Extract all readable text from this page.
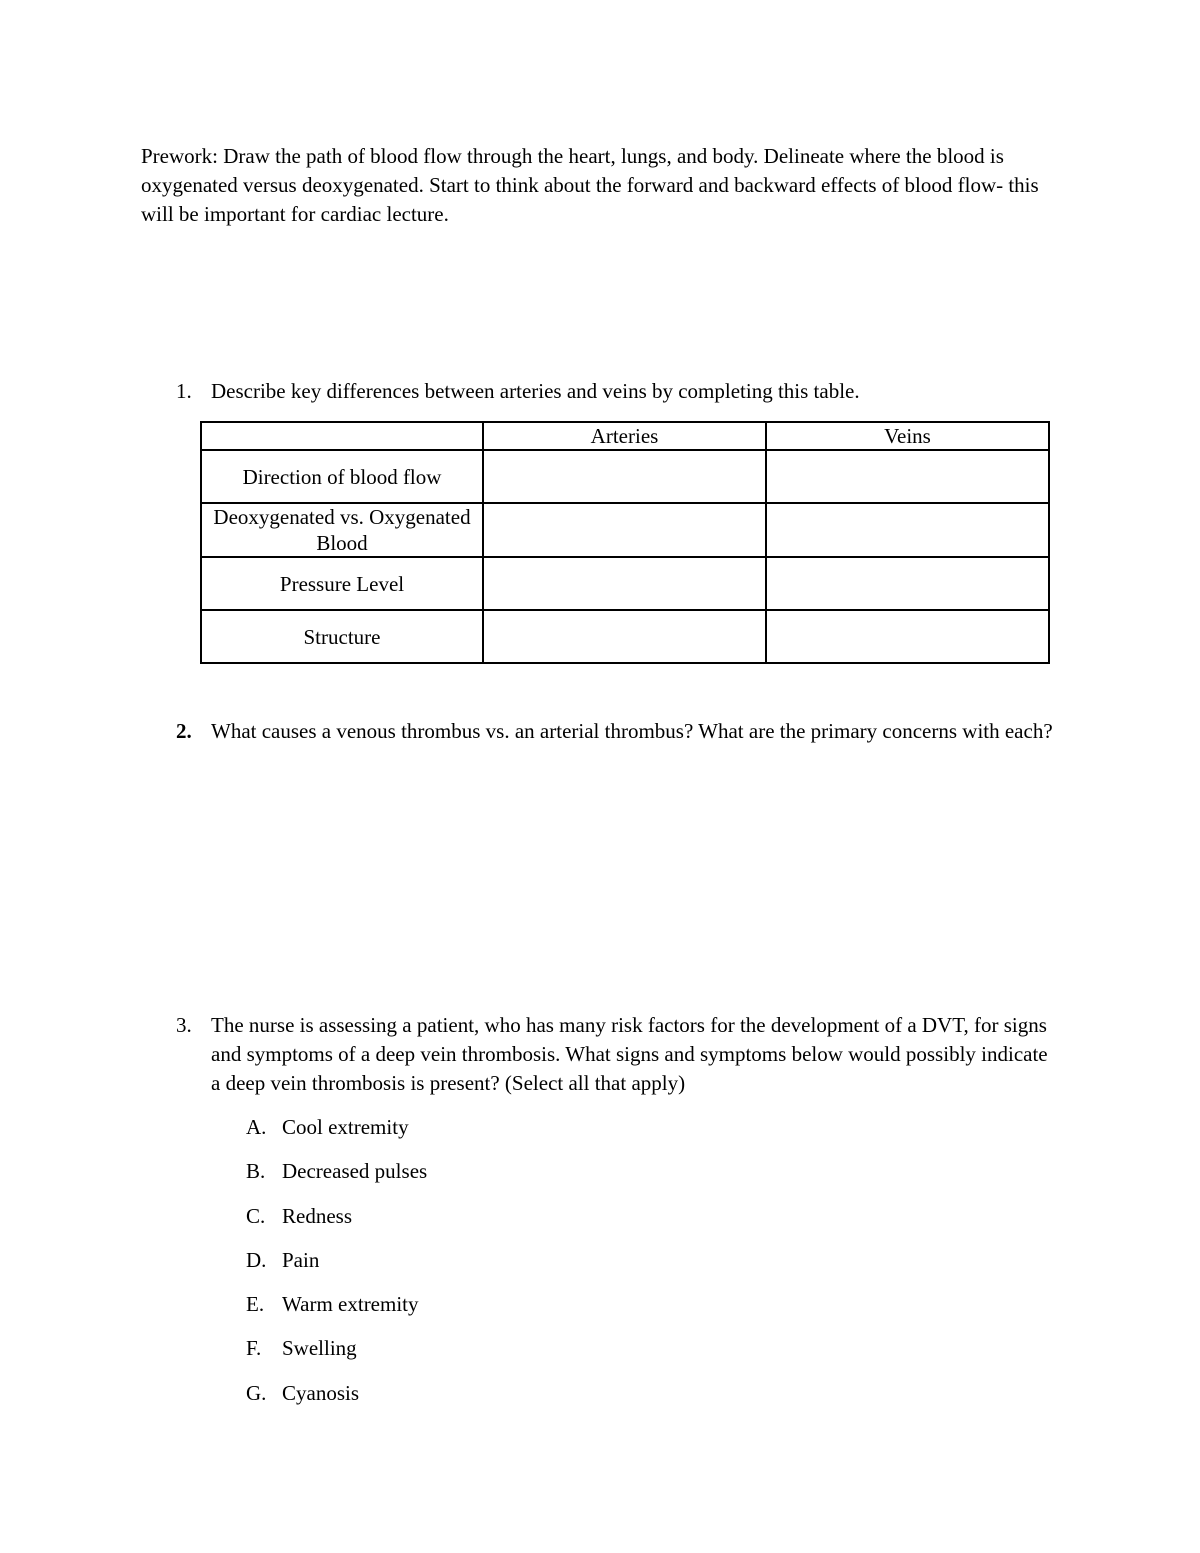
Prework: Draw the path of blood flow through the heart, lungs, and body. Delineate where the blood is oxygenated versus deoxygenated. Start to think about the forward and backward effects of blood flow- this will be important for cardiac lecture.

1. Describe key differences between arteries and veins by completing this table.
	Arteries	Veins
Direction of blood flow		
Deoxygenated vs. Oxygenated Blood		
Pressure Level		
Structure		
2. What causes a venous thrombus vs. an arterial thrombus? What are the primary concerns with each?
3. The nurse is assessing a patient, who has many risk factors for the development of a DVT, for signs and symptoms of a deep vein thrombosis. What signs and symptoms below would possibly indicate a deep vein thrombosis is present? (Select all that apply)
A. Cool extremity
B. Decreased pulses
C. Redness
D. Pain
E. Warm extremity
F. Swelling
G. Cyanosis
